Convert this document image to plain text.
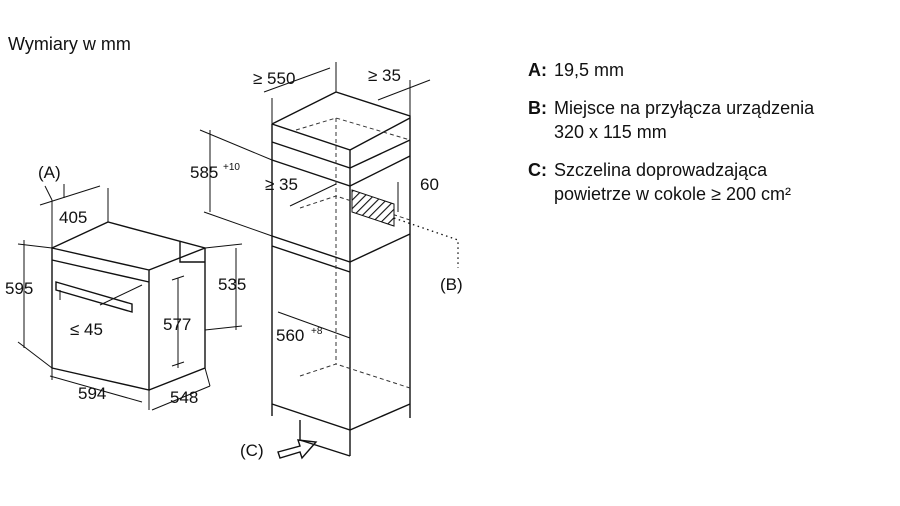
Wymiary w mm
A: 19,5 mm
B: Miejsce na przyłącza urządzenia
320 x 115 mm
C: Szczelina doprowadzająca
powietrze w cokole ≥ 200 cm²
(A)
405
595
577
535
≤ 45
594	548
(B)
≥ 550	≥ 35
585 +10
≥ 35	60
560 +8
(C)
